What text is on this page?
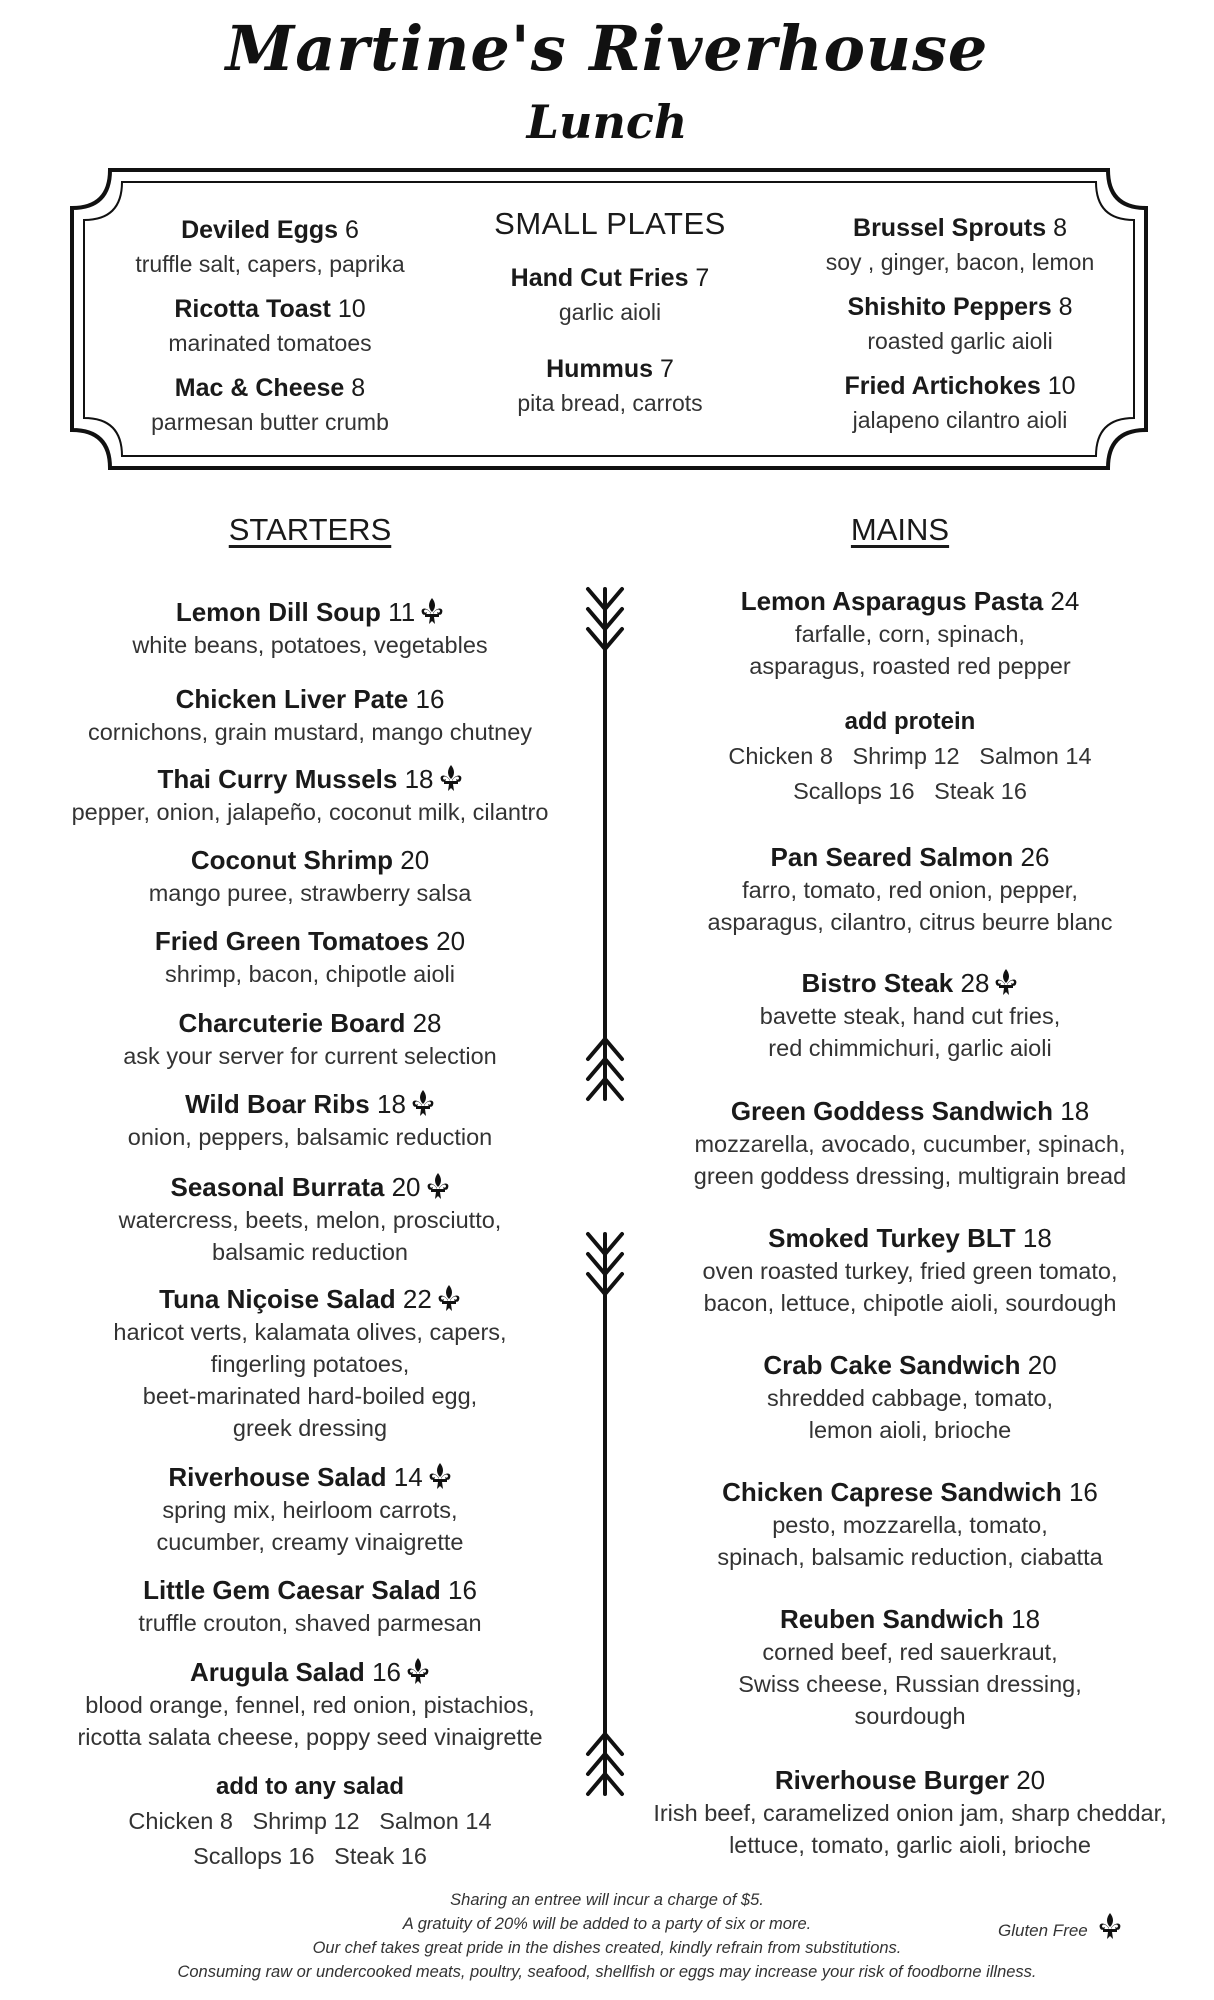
Martine's Riverhouse
Lunch
Deviled Eggs 6
truffle salt, capers, paprika
Ricotta Toast 10
marinated tomatoes
Mac & Cheese 8
parmesan butter crumb
SMALL PLATES
Hand Cut Fries 7
garlic aioli
Hummus 7
pita bread, carrots
Brussel Sprouts 8
soy , ginger, bacon, lemon
Shishito Peppers 8
roasted garlic aioli
Fried Artichokes 10
jalapeno cilantro aioli
STARTERS	MAINS
Lemon Dill Soup 11
white beans, potatoes, vegetables
Chicken Liver Pate 16
cornichons, grain mustard, mango chutney
Thai Curry Mussels 18
pepper, onion, jalapeño, coconut milk, cilantro
Coconut Shrimp 20
mango puree, strawberry salsa
Fried Green Tomatoes 20
shrimp, bacon, chipotle aioli
Charcuterie Board 28
ask your server for current selection
Wild Boar Ribs 18
onion, peppers, balsamic reduction
Seasonal Burrata 20
watercress, beets, melon, prosciutto,
balsamic reduction
Tuna Niçoise Salad 22
haricot verts, kalamata olives, capers,
fingerling potatoes,
beet-marinated hard-boiled egg,
greek dressing
Riverhouse Salad 14
spring mix, heirloom carrots,
cucumber, creamy vinaigrette
Little Gem Caesar Salad 16
truffle crouton, shaved parmesan
Arugula Salad 16
blood orange, fennel, red onion, pistachios,
ricotta salata cheese, poppy seed vinaigrette
add to any salad
Chicken 8   Shrimp 12   Salmon 14
Scallops 16   Steak 16
Lemon Asparagus Pasta 24
farfalle, corn, spinach,
asparagus, roasted red pepper
add protein
Chicken 8   Shrimp 12   Salmon 14
Scallops 16   Steak 16
Pan Seared Salmon 26
farro, tomato, red onion, pepper,
asparagus, cilantro, citrus beurre blanc
Bistro Steak 28
bavette steak, hand cut fries,
red chimmichuri, garlic aioli
Green Goddess Sandwich 18
mozzarella, avocado, cucumber, spinach,
green goddess dressing, multigrain bread
Smoked Turkey BLT 18
oven roasted turkey, fried green tomato,
bacon, lettuce, chipotle aioli, sourdough
Crab Cake Sandwich 20
shredded cabbage, tomato,
lemon aioli, brioche
Chicken Caprese Sandwich 16
pesto, mozzarella, tomato,
spinach, balsamic reduction, ciabatta
Reuben Sandwich 18
corned beef, red sauerkraut,
Swiss cheese, Russian dressing,
sourdough
Riverhouse Burger 20
Irish beef, caramelized onion jam, sharp cheddar,
lettuce, tomato, garlic aioli, brioche
Sharing an entree will incur a charge of $5.
A gratuity of 20% will be added to a party of six or more.
Our chef takes great pride in the dishes created, kindly refrain from substitutions.
Consuming raw or undercooked meats, poultry, seafood, shellfish or eggs may increase your risk of foodborne illness.
Gluten Free
